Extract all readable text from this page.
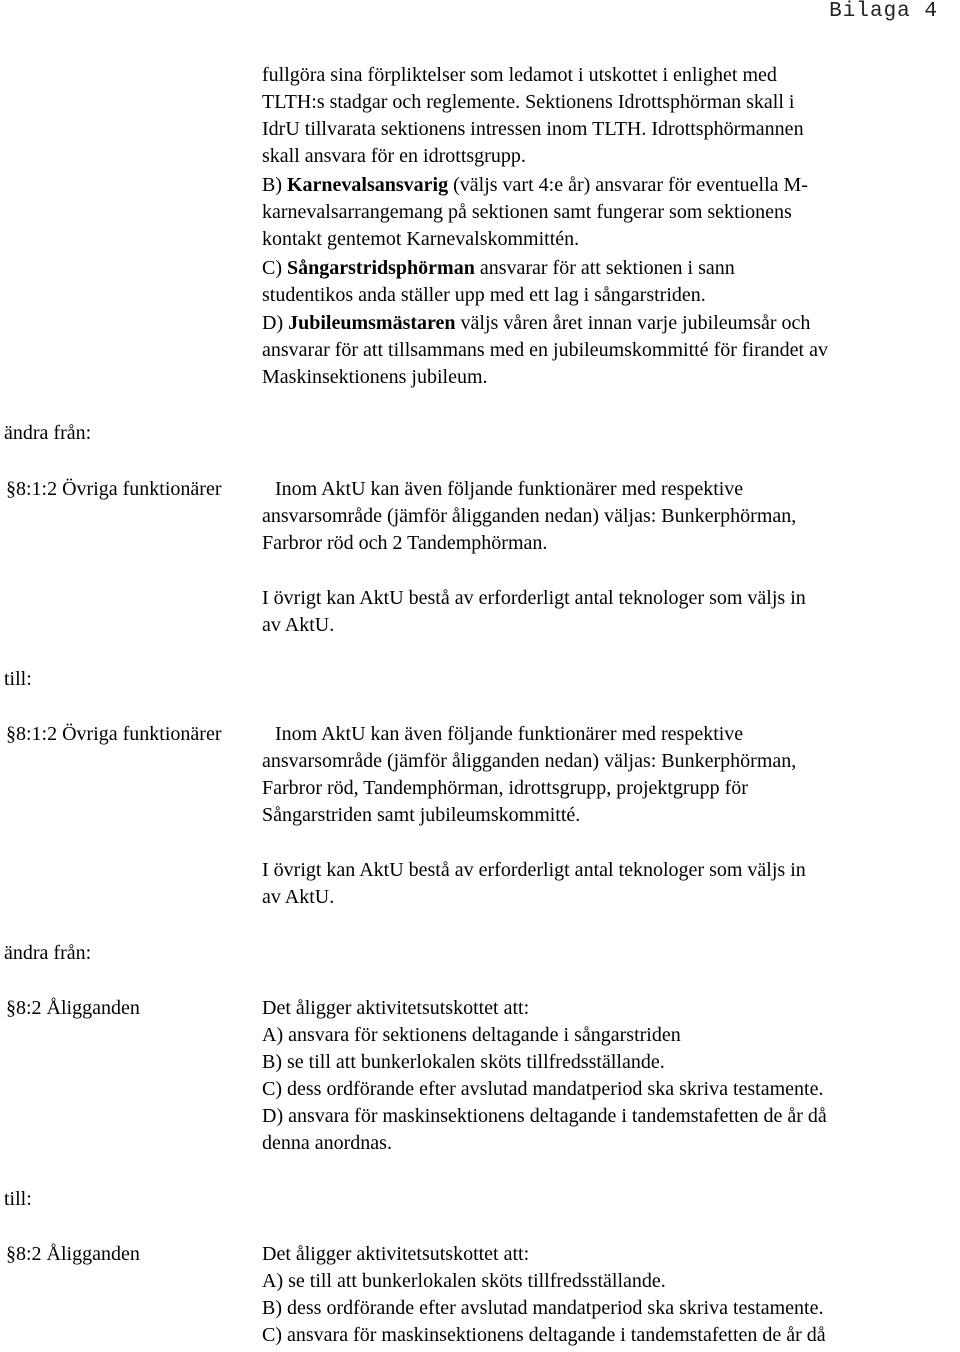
Bilaga 4
fullgöra sina förpliktelser som ledamot i utskottet i enlighet med
TLTH:s stadgar och reglemente. Sektionens Idrottsphörman skall i
IdrU tillvarata sektionens intressen inom TLTH. Idrottsphörmannen
skall ansvara för en idrottsgrupp.
B) Karnevalsansvarig (väljs vart 4:e år) ansvarar för eventuella M-
karnevalsarrangemang på sektionen samt fungerar som sektionens
kontakt gentemot Karnevalskommittén.
C) Sångarstridsphörman ansvarar för att sektionen i sann
studentikos anda ställer upp med ett lag i sångarstriden.
D) Jubileumsmästaren väljs våren året innan varje jubileumsår och
ansvarar för att tillsammans med en jubileumskommitté för firandet av
Maskinsektionens jubileum.
ändra från:
§8:1:2 Övriga funktionärer	Inom AktU kan även följande funktionärer med respektive
ansvarsområde (jämför åligganden nedan) väljas: Bunkerphörman,
Farbror röd och 2 Tandemphörman.
I övrigt kan AktU bestå av erforderligt antal teknologer som väljs in
av AktU.
till:
§8:1:2 Övriga funktionärer	Inom AktU kan även följande funktionärer med respektive
ansvarsområde (jämför åligganden nedan) väljas: Bunkerphörman,
Farbror röd, Tandemphörman, idrottsgrupp, projektgrupp för
Sångarstriden samt jubileumskommitté.
I övrigt kan AktU bestå av erforderligt antal teknologer som väljs in
av AktU.
ändra från:
§8:2 Åligganden	Det åligger aktivitetsutskottet att:
A) ansvara för sektionens deltagande i sångarstriden
B) se till att bunkerlokalen sköts tillfredsställande.
C) dess ordförande efter avslutad mandatperiod ska skriva testamente.
D) ansvara för maskinsektionens deltagande i tandemstafetten de år då
denna anordnas.
till:
§8:2 Åligganden	Det åligger aktivitetsutskottet att:
A) se till att bunkerlokalen sköts tillfredsställande.
B) dess ordförande efter avslutad mandatperiod ska skriva testamente.
C) ansvara för maskinsektionens deltagande i tandemstafetten de år då
